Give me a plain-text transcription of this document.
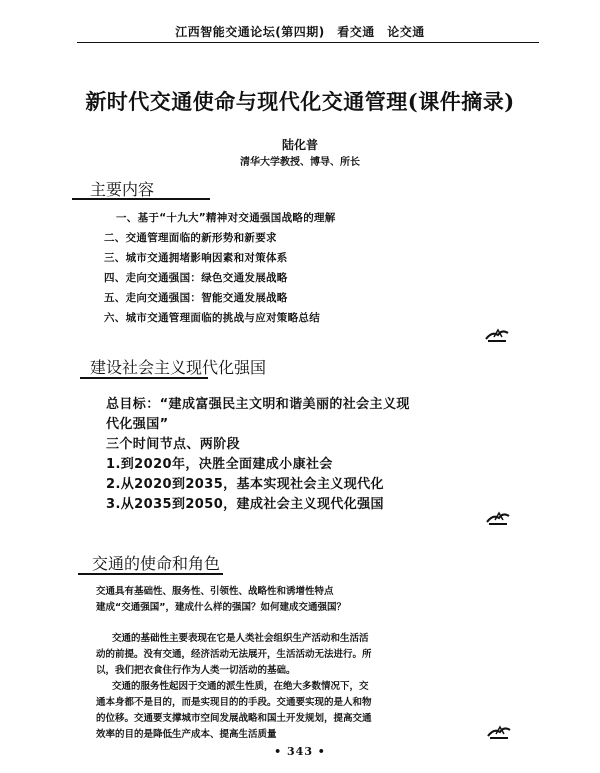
江西智能交通论坛(第四期)　看交通　论交通
新时代交通使命与现代化交通管理(课件摘录)
陆化普
清华大学教授、博导、所长
主要内容
一、基于“十九大”精神对交通强国战略的理解
二、交通管理面临的新形势和新要求
三、城市交通拥堵影响因素和对策体系
四、走向交通强国：绿色交通发展战略
五、走向交通强国：智能交通发展战略
六、城市交通管理面临的挑战与应对策略总结
建设社会主义现代化强国
总目标：“建成富强民主文明和谐美丽的社会主义现
代化强国”
三个时间节点、两阶段
1.到2020年，决胜全面建成小康社会
2.从2020到2035，基本实现社会主义现代化
3.从2035到2050，建成社会主义现代化强国
交通的使命和角色
交通具有基础性、服务性、引领性、战略性和诱增性特点
建成“交通强国”，建成什么样的强国？如何建成交通强国？
交通的基础性主要表现在它是人类社会组织生产活动和生活活
动的前提。没有交通，经济活动无法展开，生活活动无法进行。所
以，我们把衣食住行作为人类一切活动的基础。
交通的服务性起因于交通的派生性质，在绝大多数情况下，交
通本身都不是目的，而是实现目的的手段。交通要实现的是人和物
的位移。交通要支撑城市空间发展战略和国土开发规划，提高交通
效率的目的是降低生产成本、提高生活质量
• 343 •
